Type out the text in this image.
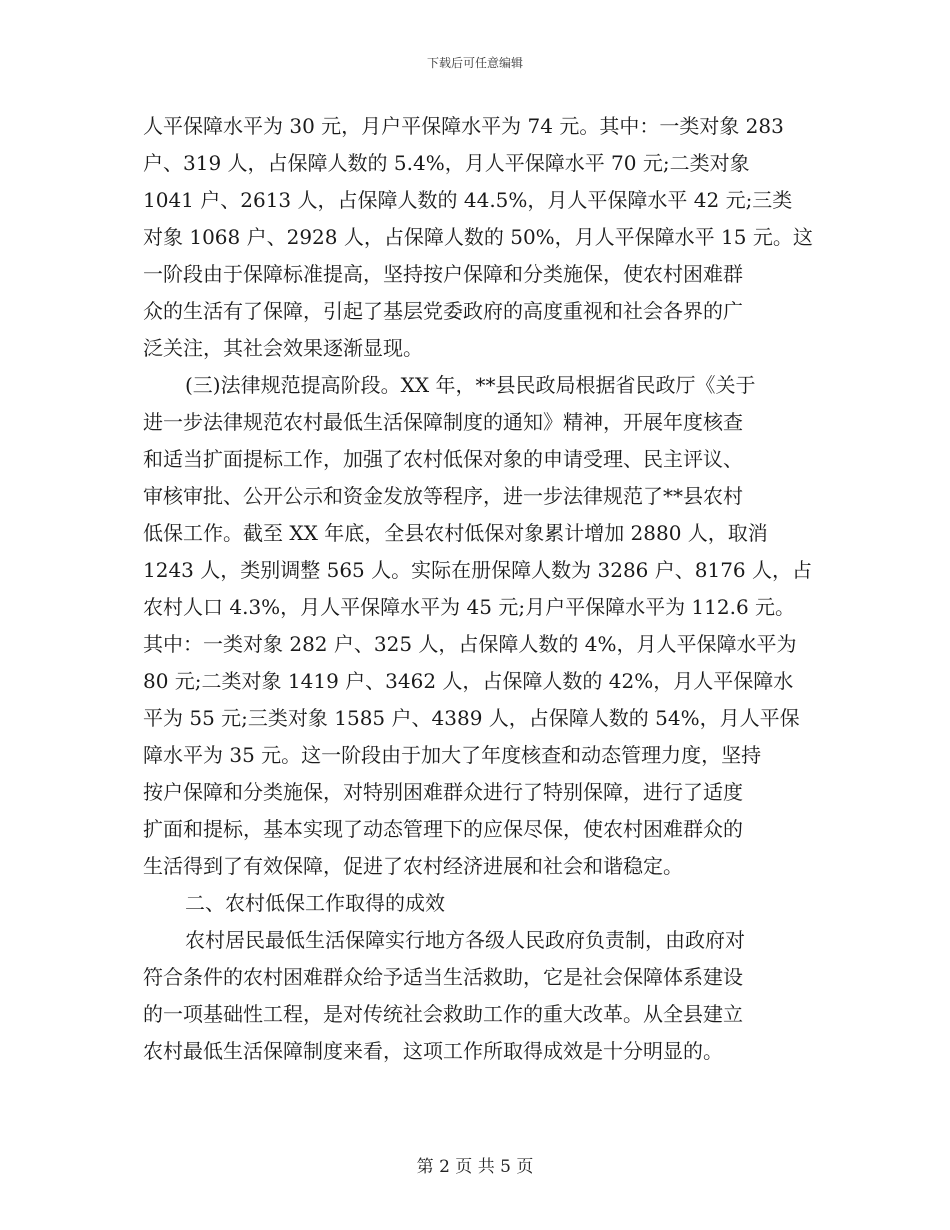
下载后可任意编辑
人平保障水平为 30 元，月户平保障水平为 74 元。其中：一类对象 283
户、319 人，占保障人数的 5.4%，月人平保障水平 70 元;二类对象
1041 户、2613 人，占保障人数的 44.5%，月人平保障水平 42 元;三类
对象 1068 户、2928 人，占保障人数的 50%，月人平保障水平 15 元。这
一阶段由于保障标准提高，坚持按户保障和分类施保，使农村困难群
众的生活有了保障，引起了基层党委政府的高度重视和社会各界的广
泛关注，其社会效果逐渐显现。
(三)法律规范提高阶段。XX 年，**县民政局根据省民政厅《关于
进一步法律规范农村最低生活保障制度的通知》精神，开展年度核查
和适当扩面提标工作，加强了农村低保对象的申请受理、民主评议、
审核审批、公开公示和资金发放等程序，进一步法律规范了**县农村
低保工作。截至 XX 年底，全县农村低保对象累计增加 2880 人，取消
1243 人，类别调整 565 人。实际在册保障人数为 3286 户、8176 人，占
农村人口 4.3%，月人平保障水平为 45 元;月户平保障水平为 112.6 元。
其中：一类对象 282 户、325 人，占保障人数的 4%，月人平保障水平为
80 元;二类对象 1419 户、3462 人，占保障人数的 42%，月人平保障水
平为 55 元;三类对象 1585 户、4389 人，占保障人数的 54%，月人平保
障水平为 35 元。这一阶段由于加大了年度核查和动态管理力度，坚持
按户保障和分类施保，对特别困难群众进行了特别保障，进行了适度
扩面和提标，基本实现了动态管理下的应保尽保，使农村困难群众的
生活得到了有效保障，促进了农村经济进展和社会和谐稳定。
二、农村低保工作取得的成效
农村居民最低生活保障实行地方各级人民政府负责制，由政府对
符合条件的农村困难群众给予适当生活救助，它是社会保障体系建设
的一项基础性工程，是对传统社会救助工作的重大改革。从全县建立
农村最低生活保障制度来看，这项工作所取得成效是十分明显的。
第 2 页 共 5 页
